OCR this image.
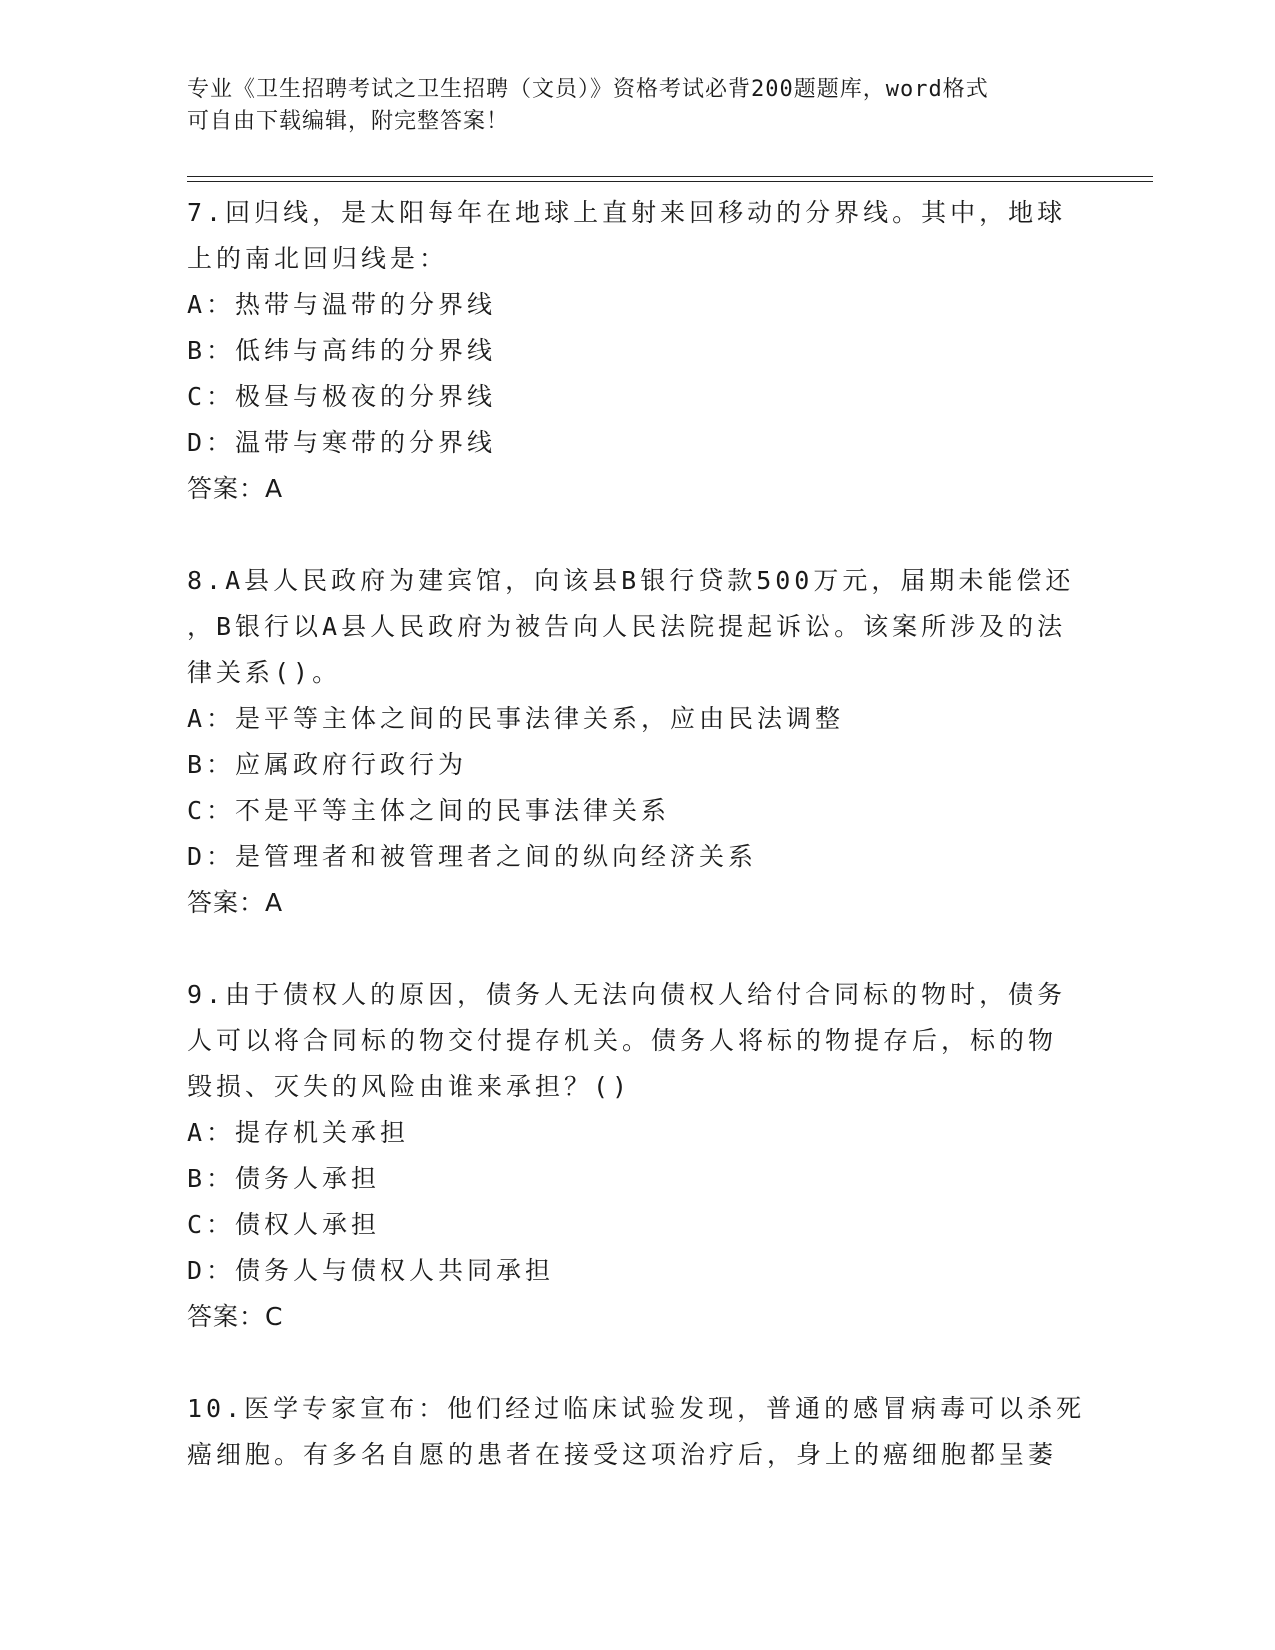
专业《卫生招聘考试之卫生招聘（文员）》资格考试必背200题题库，word格式

可自由下载编辑，附完整答案！

7.回归线，是太阳每年在地球上直射来回移动的分界线。其中，地球

上的南北回归线是：

A：热带与温带的分界线

B：低纬与高纬的分界线

C：极昼与极夜的分界线

D：温带与寒带的分界线

答案：A

8.A县人民政府为建宾馆，向该县B银行贷款500万元，届期未能偿还

，B银行以A县人民政府为被告向人民法院提起诉讼。该案所涉及的法

律关系()。

A：是平等主体之间的民事法律关系，应由民法调整

B：应属政府行政行为

C：不是平等主体之间的民事法律关系

D：是管理者和被管理者之间的纵向经济关系

答案：A

9.由于债权人的原因，债务人无法向债权人给付合同标的物时，债务

人可以将合同标的物交付提存机关。债务人将标的物提存后，标的物

毁损、灭失的风险由谁来承担？()

A：提存机关承担

B：债务人承担

C：债权人承担

D：债务人与债权人共同承担

答案：C

10.医学专家宣布：他们经过临床试验发现，普通的感冒病毒可以杀死

癌细胞。有多名自愿的患者在接受这项治疗后，身上的癌细胞都呈萎
